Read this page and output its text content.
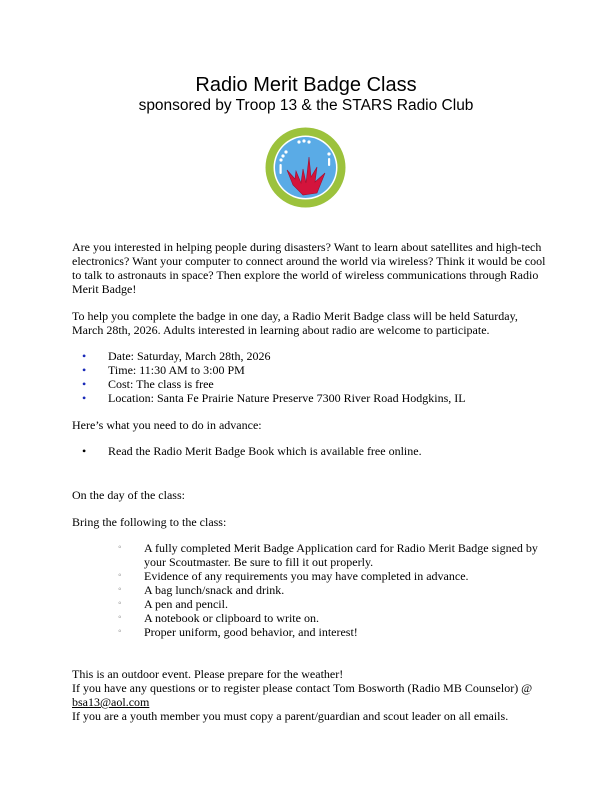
Radio Merit Badge Class
sponsored by Troop 13 & the STARS Radio Club

Are you interested in helping people during disasters? Want to learn about satellites and high-tech electronics? Want your computer to connect around the world via wireless? Think it would be cool to talk to astronauts in space? Then explore the world of wireless communications through Radio Merit Badge!

To help you complete the badge in one day, a Radio Merit Badge class will be held Saturday, March 28th, 2026. Adults interested in learning about radio are welcome to participate.

• Date: Saturday, March 28th, 2026
• Time: 11:30 AM to 3:00 PM
• Cost: The class is free
• Location: Santa Fe Prairie Nature Preserve 7300 River Road Hodgkins, IL

Here’s what you need to do in advance:

• Read the Radio Merit Badge Book which is available free online.

On the day of the class:

Bring the following to the class:

◦ A fully completed Merit Badge Application card for Radio Merit Badge signed by your Scoutmaster. Be sure to fill it out properly.
◦ Evidence of any requirements you may have completed in advance.
◦ A bag lunch/snack and drink.
◦ A pen and pencil.
◦ A notebook or clipboard to write on.
◦ Proper uniform, good behavior, and interest!

This is an outdoor event. Please prepare for the weather!

If you have any questions or to register please contact Tom Bosworth (Radio MB Counselor) @
bsa13@aol.com

If you are a youth member you must copy a parent/guardian and scout leader on all emails.
